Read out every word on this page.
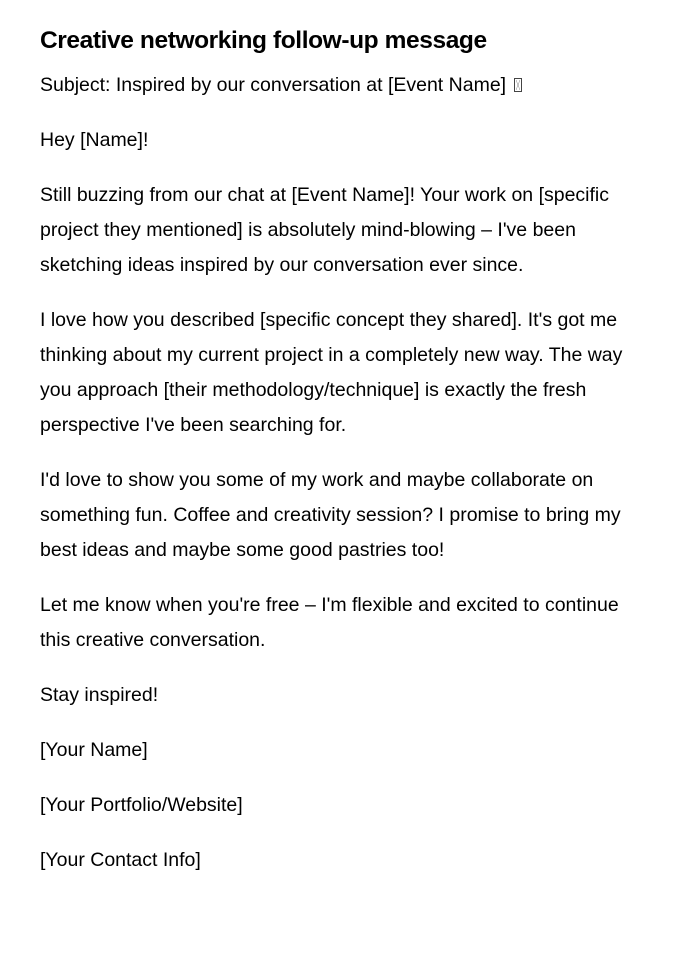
Creative networking follow-up message

Subject: Inspired by our conversation at [Event Name]

Hey [Name]!

Still buzzing from our chat at [Event Name]! Your work on [specific project they mentioned] is absolutely mind-blowing – I've been sketching ideas inspired by our conversation ever since.

I love how you described [specific concept they shared]. It's got me thinking about my current project in a completely new way. The way you approach [their methodology/technique] is exactly the fresh perspective I've been searching for.

I'd love to show you some of my work and maybe collaborate on something fun. Coffee and creativity session? I promise to bring my best ideas and maybe some good pastries too!

Let me know when you're free – I'm flexible and excited to continue this creative conversation.

Stay inspired!

[Your Name]

[Your Portfolio/Website]

[Your Contact Info]
